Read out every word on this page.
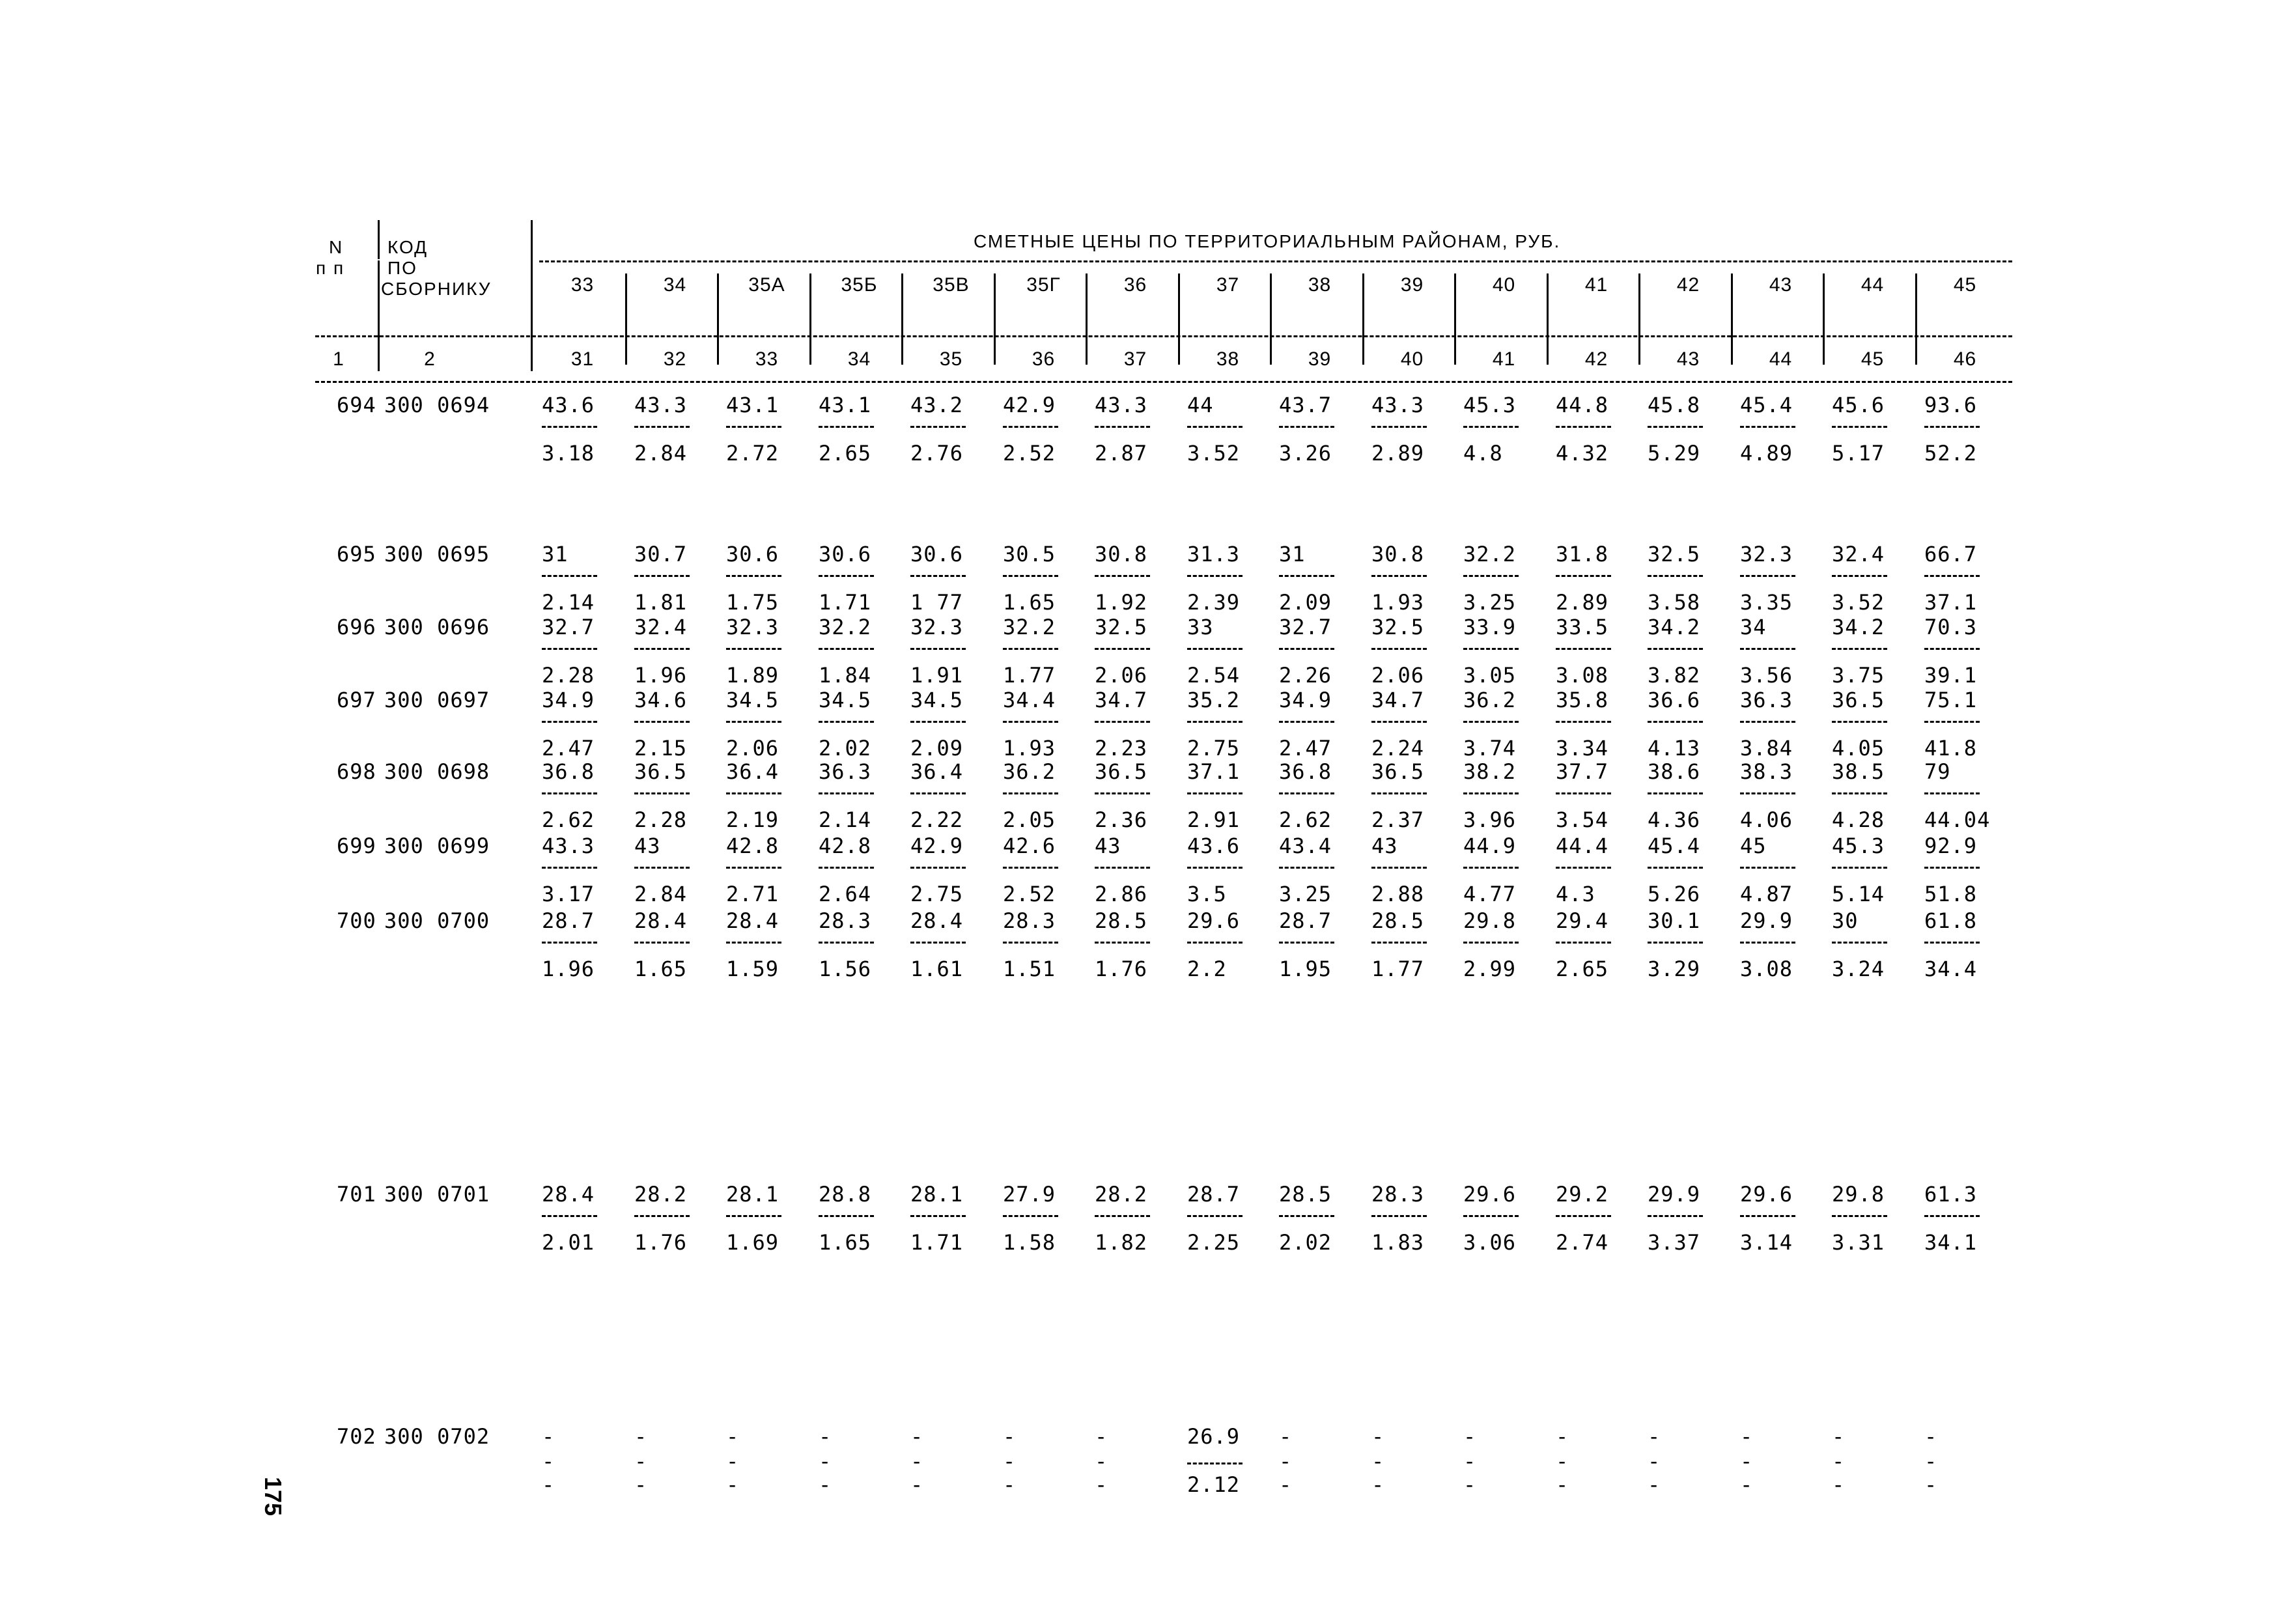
N
п п
КОД
ПО
СБОРНИКУ
СМЕТНЫЕ ЦЕНЫ ПО ТЕРРИТОРИАЛЬНЫМ РАЙОНАМ, РУБ.
33	34	35А	35Б	35В	35Г	36	37	38	39	40	41	42	43	44	45
1	2	31	32	33	34	35	36	37	38	39	40	41	42	43	44	45	46
694 300 0694 43.6 43.3 43.1 43.1 43.2 42.9 43.3 44	43.7 43.3 45.3 44.8 45.8 45.4 45.6 93.6
3.18 2.84 2.72 2.65 2.76 2.52 2.87 3.52 3.26 2.89 4.8	4.32 5.29 4.89 5.17 52.2
695 300 0695 31	30.7 30.6 30.6 30.6 30.5 30.8 31.3 31	30.8 32.2 31.8 32.5 32.3 32.4 66.7
2.14 1.81 1.75 1.71 1 77 1.65 1.92 2.39 2.09 1.93 3.25 2.89 3.58 3.35 3.52 37.1
696 300 0696 32.7 32.4 32.3 32.2 32.3 32.2 32.5 33	32.7 32.5 33.9 33.5 34.2 34	34.2 70.3
2.28 1.96 1.89 1.84 1.91 1.77 2.06 2.54 2.26 2.06 3.05 3.08 3.82 3.56 3.75 39.1
697 300 0697 34.9 34.6 34.5 34.5 34.5 34.4 34.7 35.2 34.9 34.7 36.2 35.8 36.6 36.3 36.5 75.1
2.47 2.15 2.06 2.02 2.09 1.93 2.23 2.75 2.47 2.24 3.74 3.34 4.13 3.84 4.05 41.8
698 300 0698 36.8 36.5 36.4 36.3 36.4 36.2 36.5 37.1 36.8 36.5 38.2 37.7 38.6 38.3 38.5 79
2.62 2.28 2.19 2.14 2.22 2.05 2.36 2.91 2.62 2.37 3.96 3.54 4.36 4.06 4.28 44.04
699 300 0699 43.3 43	42.8 42.8 42.9 42.6 43	43.6 43.4 43	44.9 44.4 45.4 45	45.3 92.9
3.17 2.84 2.71 2.64 2.75 2.52 2.86 3.5	3.25 2.88 4.77 4.3	5.26 4.87 5.14 51.8
700 300 0700 28.7 28.4 28.4 28.3 28.4 28.3 28.5 29.6 28.7 28.5 29.8 29.4 30.1 29.9 30	61.8
1.96 1.65 1.59 1.56 1.61 1.51 1.76 2.2	1.95 1.77 2.99 2.65 3.29 3.08 3.24 34.4
701 300 0701 28.4 28.2 28.1 28.8 28.1 27.9 28.2 28.7 28.5 28.3 29.6 29.2 29.9 29.6 29.8 61.3
2.01 1.76 1.69 1.65 1.71 1.58 1.82 2.25 2.02 1.83 3.06 2.74 3.37 3.14 3.31 34.1
702 300 0702 -	-	-	-	-	-	-	26.9 -	-	-	-	-	-	-	-
-	-	-	-	-	-	-	-	-	-	-	-	-	-	-
-	-	-	-	-	-	-	2.12 -	-	-	-	-	-	-	-
175
